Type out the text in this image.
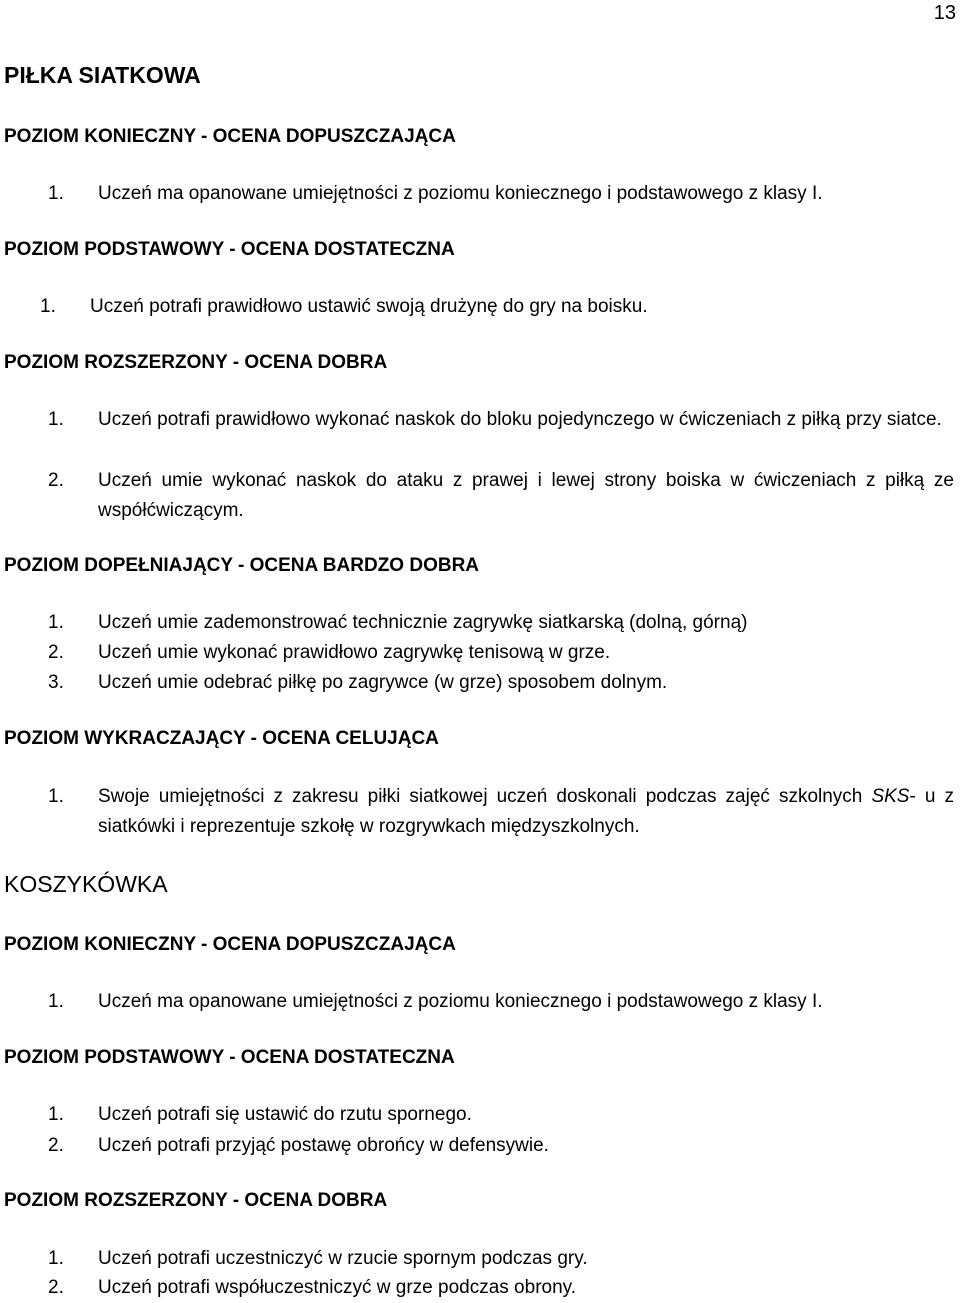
13
PIŁKA SIATKOWA
POZIOM KONIECZNY - OCENA DOPUSZCZAJĄCA
1.	Uczeń ma opanowane umiejętności z poziomu koniecznego i podstawowego z klasy I.
POZIOM PODSTAWOWY - OCENA DOSTATECZNA
1.	Uczeń potrafi prawidłowo ustawić swoją drużynę do gry na boisku.
POZIOM ROZSZERZONY - OCENA DOBRA
1.	Uczeń potrafi prawidłowo wykonać naskok do bloku pojedynczego w ćwiczeniach z piłką przy siatce.
2.	Uczeń umie wykonać naskok do ataku z prawej i lewej strony boiska w ćwiczeniach z piłką ze współćwiczącym.
POZIOM DOPEŁNIAJĄCY - OCENA BARDZO DOBRA
1.	Uczeń umie zademonstrować technicznie zagrywkę siatkarską (dolną, górną)
2.	Uczeń umie wykonać prawidłowo zagrywkę tenisową w grze.
3.	Uczeń umie odebrać piłkę po zagrywce (w grze) sposobem dolnym.
POZIOM WYKRACZAJĄCY - OCENA CELUJĄCA
1.	Swoje umiejętności z zakresu piłki siatkowej uczeń doskonali podczas zajęć szkolnych SKS- u z siatkówki i reprezentuje szkołę w rozgrywkach międzyszkolnych.
KOSZYKÓWKA
POZIOM KONIECZNY - OCENA DOPUSZCZAJĄCA
1.	Uczeń ma opanowane umiejętności z poziomu koniecznego i podstawowego z klasy I.
POZIOM PODSTAWOWY - OCENA DOSTATECZNA
1.	Uczeń potrafi się ustawić do rzutu spornego.
2.	Uczeń potrafi przyjąć postawę obrońcy w defensywie.
POZIOM ROZSZERZONY - OCENA DOBRA
1.	Uczeń potrafi uczestniczyć w rzucie spornym podczas gry.
2.	Uczeń potrafi współuczestniczyć w grze podczas obrony.
